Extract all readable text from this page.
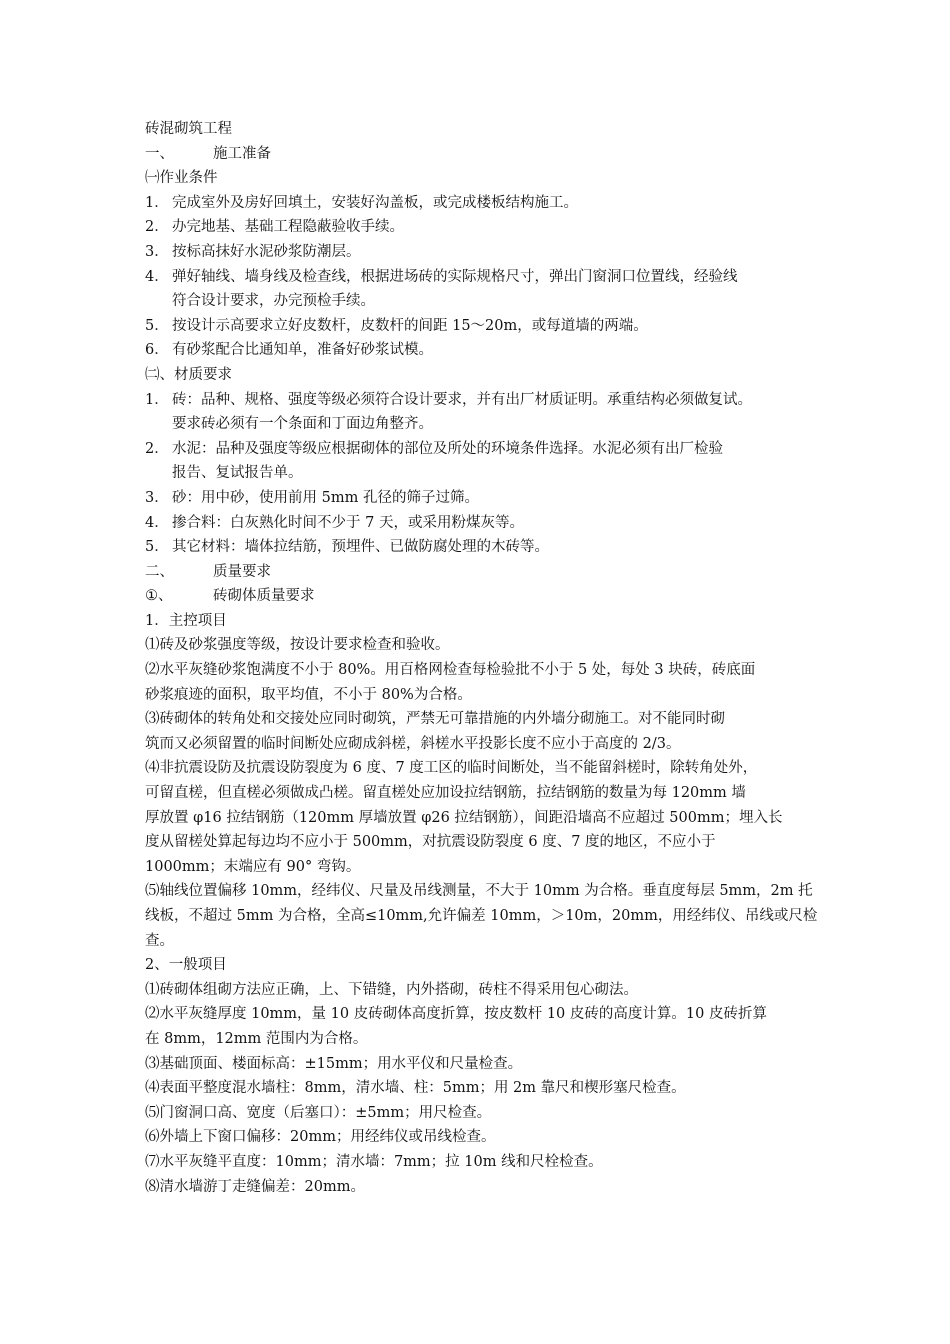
砖混砌筑工程
一、	施工准备
㈠作业条件
1． 完成室外及房好回填土，安装好沟盖板，或完成楼板结构施工。
2． 办完地基、基础工程隐蔽验收手续。
3． 按标高抹好水泥砂浆防潮层。
4． 弹好轴线、墙身线及检查线，根据进场砖的实际规格尺寸，弹出门窗洞口位置线，经验线
符合设计要求，办完预检手续。
5． 按设计示高要求立好皮数杆，皮数杆的间距 15～20m，或每道墙的两端。
6． 有砂浆配合比通知单，准备好砂浆试模。
㈡、材质要求
1． 砖：品种、规格、强度等级必须符合设计要求，并有出厂材质证明。承重结构必须做复试。
要求砖必须有一个条面和丁面边角整齐。
2． 水泥：品种及强度等级应根据砌体的部位及所处的环境条件选择。水泥必须有出厂检验
报告、复试报告单。
3． 砂：用中砂，使用前用 5mm 孔径的筛子过筛。
4． 掺合料：白灰熟化时间不少于 7 天，或采用粉煤灰等。
5． 其它材料：墙体拉结筋，预埋件、已做防腐处理的木砖等。
二、	质量要求
①、	砖砌体质量要求
1．主控项目
⑴砖及砂浆强度等级，按设计要求检查和验收。
⑵水平灰缝砂浆饱满度不小于 80%。用百格网检查每检验批不小于 5 处，每处 3 块砖，砖底面
砂浆痕迹的面积，取平均值，不小于 80%为合格。
⑶砖砌体的转角处和交接处应同时砌筑，严禁无可靠措施的内外墙分砌施工。对不能同时砌
筑而又必须留置的临时间断处应砌成斜槎，斜槎水平投影长度不应小于高度的 2/3。
⑷非抗震设防及抗震设防裂度为 6 度、7 度工区的临时间断处，当不能留斜槎时，除转角处外，
可留直槎，但直槎必须做成凸槎。留直槎处应加设拉结钢筋，拉结钢筋的数量为每 120mm 墙
厚放置 φ16 拉结钢筋（120mm 厚墙放置 φ26 拉结钢筋），间距沿墙高不应超过 500mm；埋入长
度从留槎处算起每边均不应小于 500mm，对抗震设防裂度 6 度、7 度的地区，不应小于
1000mm；末端应有 90° 弯钩。
⑸轴线位置偏移 10mm，经纬仪、尺量及吊线测量，不大于 10mm 为合格。垂直度每层 5mm，2m 托
线板，不超过 5mm 为合格，全高≤10mm,允许偏差 10mm，＞10m，20mm，用经纬仪、吊线或尺检
查。
2、一般项目
⑴砖砌体组砌方法应正确，上、下错缝，内外搭砌，砖柱不得采用包心砌法。
⑵水平灰缝厚度 10mm，量 10 皮砖砌体高度折算，按皮数杆 10 皮砖的高度计算。10 皮砖折算
在 8mm，12mm 范围内为合格。
⑶基础顶面、楼面标高：±15mm；用水平仪和尺量检查。
⑷表面平整度混水墙柱：8mm，清水墙、柱：5mm；用 2m 靠尺和楔形塞尺检查。
⑸门窗洞口高、宽度（后塞口）：±5mm；用尺检查。
⑹外墙上下窗口偏移：20mm；用经纬仪或吊线检查。
⑺水平灰缝平直度：10mm；清水墙：7mm；拉 10m 线和尺栓检查。
⑻清水墙游丁走缝偏差：20mm。
